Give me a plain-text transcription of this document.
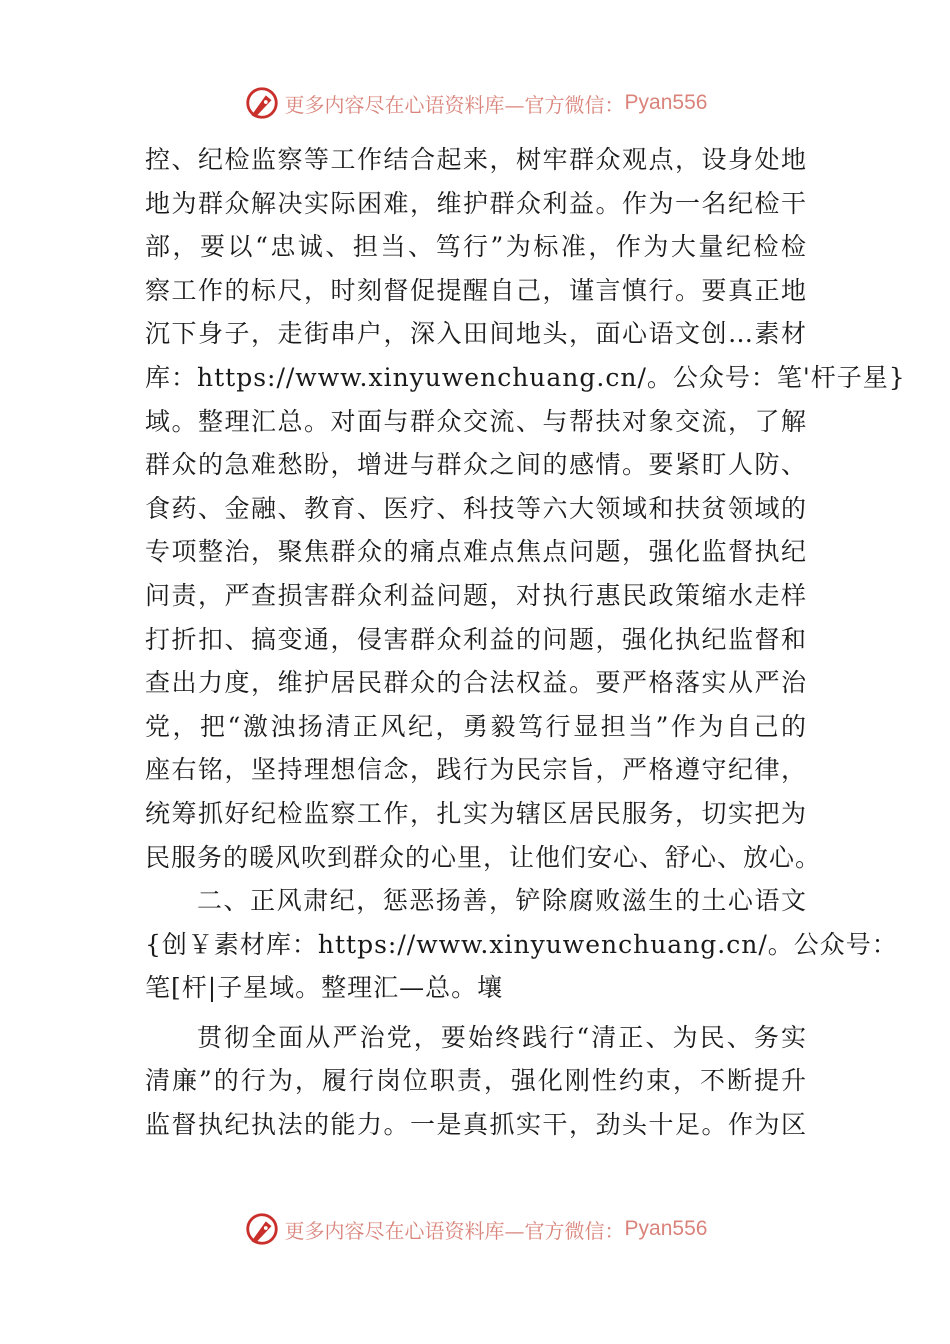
更多内容尽在心语资料库—官方微信： Pyan556
控、纪检监察等工作结合起来，树牢群众观点，设身处地
地为群众解决实际困难，维护群众利益。作为一名纪检干
部，要以“忠诚、担当、笃行”为标准，作为大量纪检检
察工作的标尺，时刻督促提醒自己，谨言慎行。要真正地
沉下身子，走街串户，深入田间地头，面心语文创…素材
库：https://www.xinyuwenchuang.cn/。公众号：笔'杆子星}
域。整理汇总。对面与群众交流、与帮扶对象交流，了解
群众的急难愁盼，增进与群众之间的感情。要紧盯人防、
食药、金融、教育、医疗、科技等六大领域和扶贫领域的
专项整治，聚焦群众的痛点难点焦点问题，强化监督执纪
问责，严查损害群众利益问题，对执行惠民政策缩水走样
打折扣、搞变通，侵害群众利益的问题，强化执纪监督和
查出力度，维护居民群众的合法权益。要严格落实从严治
党，把“激浊扬清正风纪，勇毅笃行显担当”作为自己的
座右铭，坚持理想信念，践行为民宗旨，严格遵守纪律，
统筹抓好纪检监察工作，扎实为辖区居民服务，切实把为
民服务的暖风吹到群众的心里，让他们安心、舒心、放心。
二、正风肃纪，惩恶扬善，铲除腐败滋生的土心语文
{创￥素材库：https://www.xinyuwenchuang.cn/。公众号：
笔[杆|子星域。整理汇—总。壤
贯彻全面从严治党，要始终践行“清正、为民、务实
清廉”的行为，履行岗位职责，强化刚性约束，不断提升
监督执纪执法的能力。一是真抓实干，劲头十足。作为区
更多内容尽在心语资料库—官方微信： Pyan556
